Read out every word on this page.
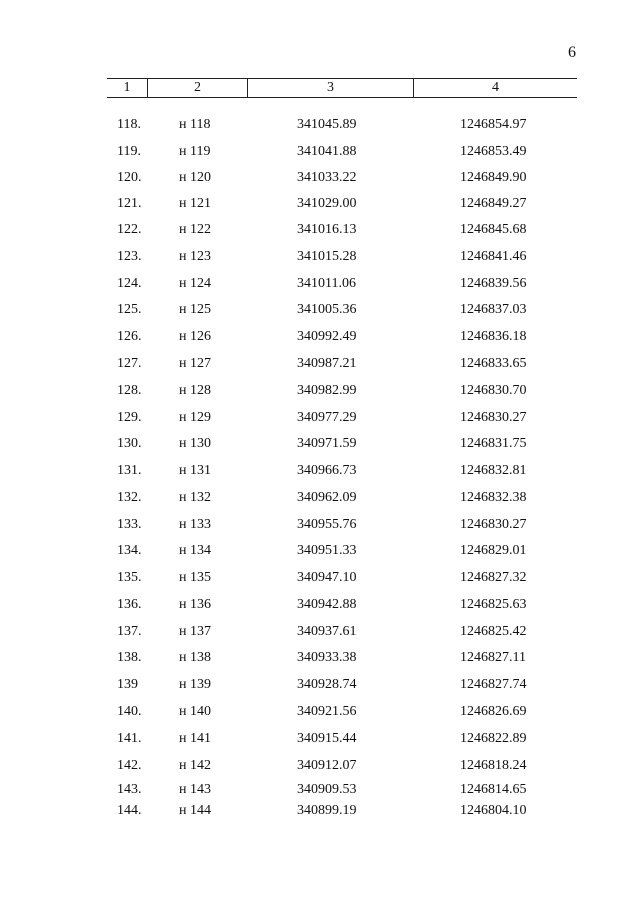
6
1	2	3	4
118.	н 118	341045.89	1246854.97
119.	н 119	341041.88	1246853.49
120.	н 120	341033.22	1246849.90
121.	н 121	341029.00	1246849.27
122.	н 122	341016.13	1246845.68
123.	н 123	341015.28	1246841.46
124.	н 124	341011.06	1246839.56
125.	н 125	341005.36	1246837.03
126.	н 126	340992.49	1246836.18
127.	н 127	340987.21	1246833.65
128.	н 128	340982.99	1246830.70
129.	н 129	340977.29	1246830.27
130.	н 130	340971.59	1246831.75
131.	н 131	340966.73	1246832.81
132.	н 132	340962.09	1246832.38
133.	н 133	340955.76	1246830.27
134.	н 134	340951.33	1246829.01
135.	н 135	340947.10	1246827.32
136.	н 136	340942.88	1246825.63
137.	н 137	340937.61	1246825.42
138.	н 138	340933.38	1246827.11
139	н 139	340928.74	1246827.74
140.	н 140	340921.56	1246826.69
141.	н 141	340915.44	1246822.89
142.	н 142	340912.07	1246818.24
143.	н 143	340909.53	1246814.65
144.	н 144	340899.19	1246804.10
